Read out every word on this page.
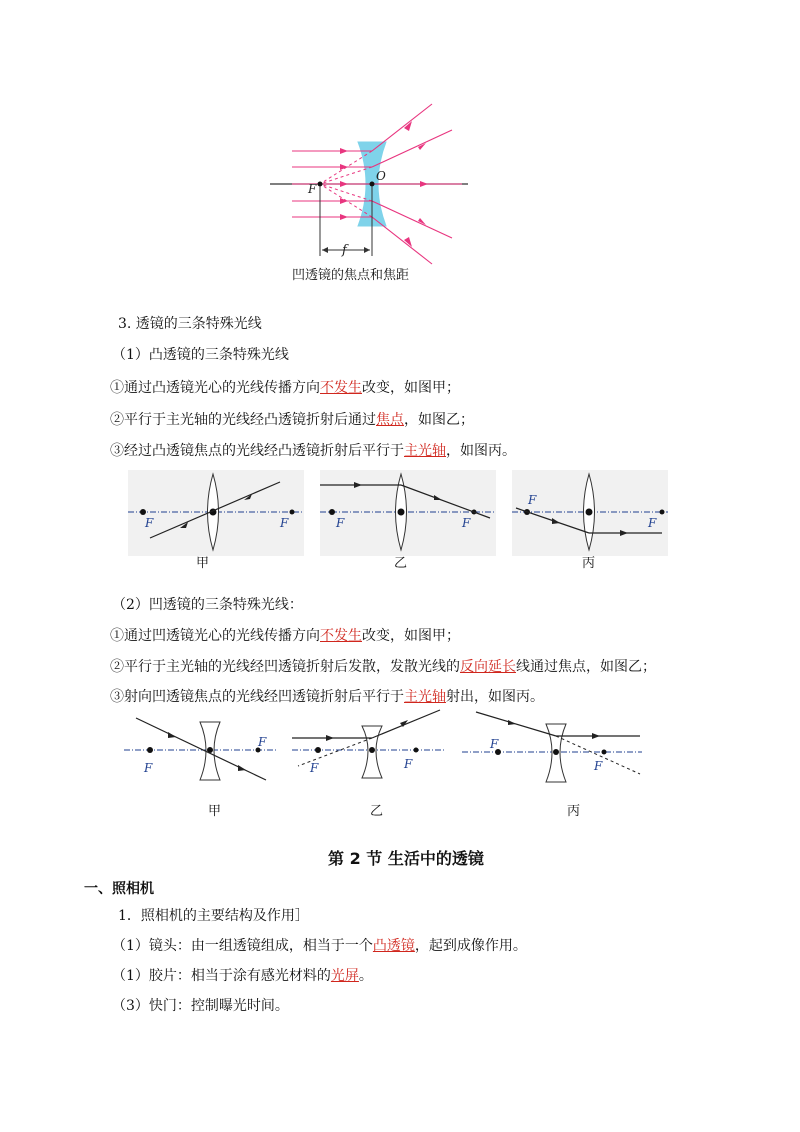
F
O
f
凹透镜的焦点和焦距
3. 透镜的三条特殊光线
（1）凸透镜的三条特殊光线
①通过凸透镜光心的光线传播方向不发生改变，如图甲；
②平行于主光轴的光线经凸透镜折射后通过焦点，如图乙；
③经过凸透镜焦点的光线经凸透镜折射后平行于主光轴，如图丙。
F	F	F	F
F
F
甲	乙	丙
（2）凹透镜的三条特殊光线：
①通过凹透镜光心的光线传播方向不发生改变，如图甲；
②平行于主光轴的光线经凹透镜折射后发散，发散光线的反向延长线通过焦点，如图乙；
③射向凹透镜焦点的光线经凹透镜折射后平行于主光轴射出，如图丙。
F
F
F	F
F
F
甲	乙	丙
第 2 节 生活中的透镜
一、照相机
1．照相机的主要结构及作用］
（1）镜头：由一组透镜组成，相当于一个凸透镜，起到成像作用。
（1）胶片：相当于涂有感光材料的光屏。
（3）快门：控制曝光时间。
